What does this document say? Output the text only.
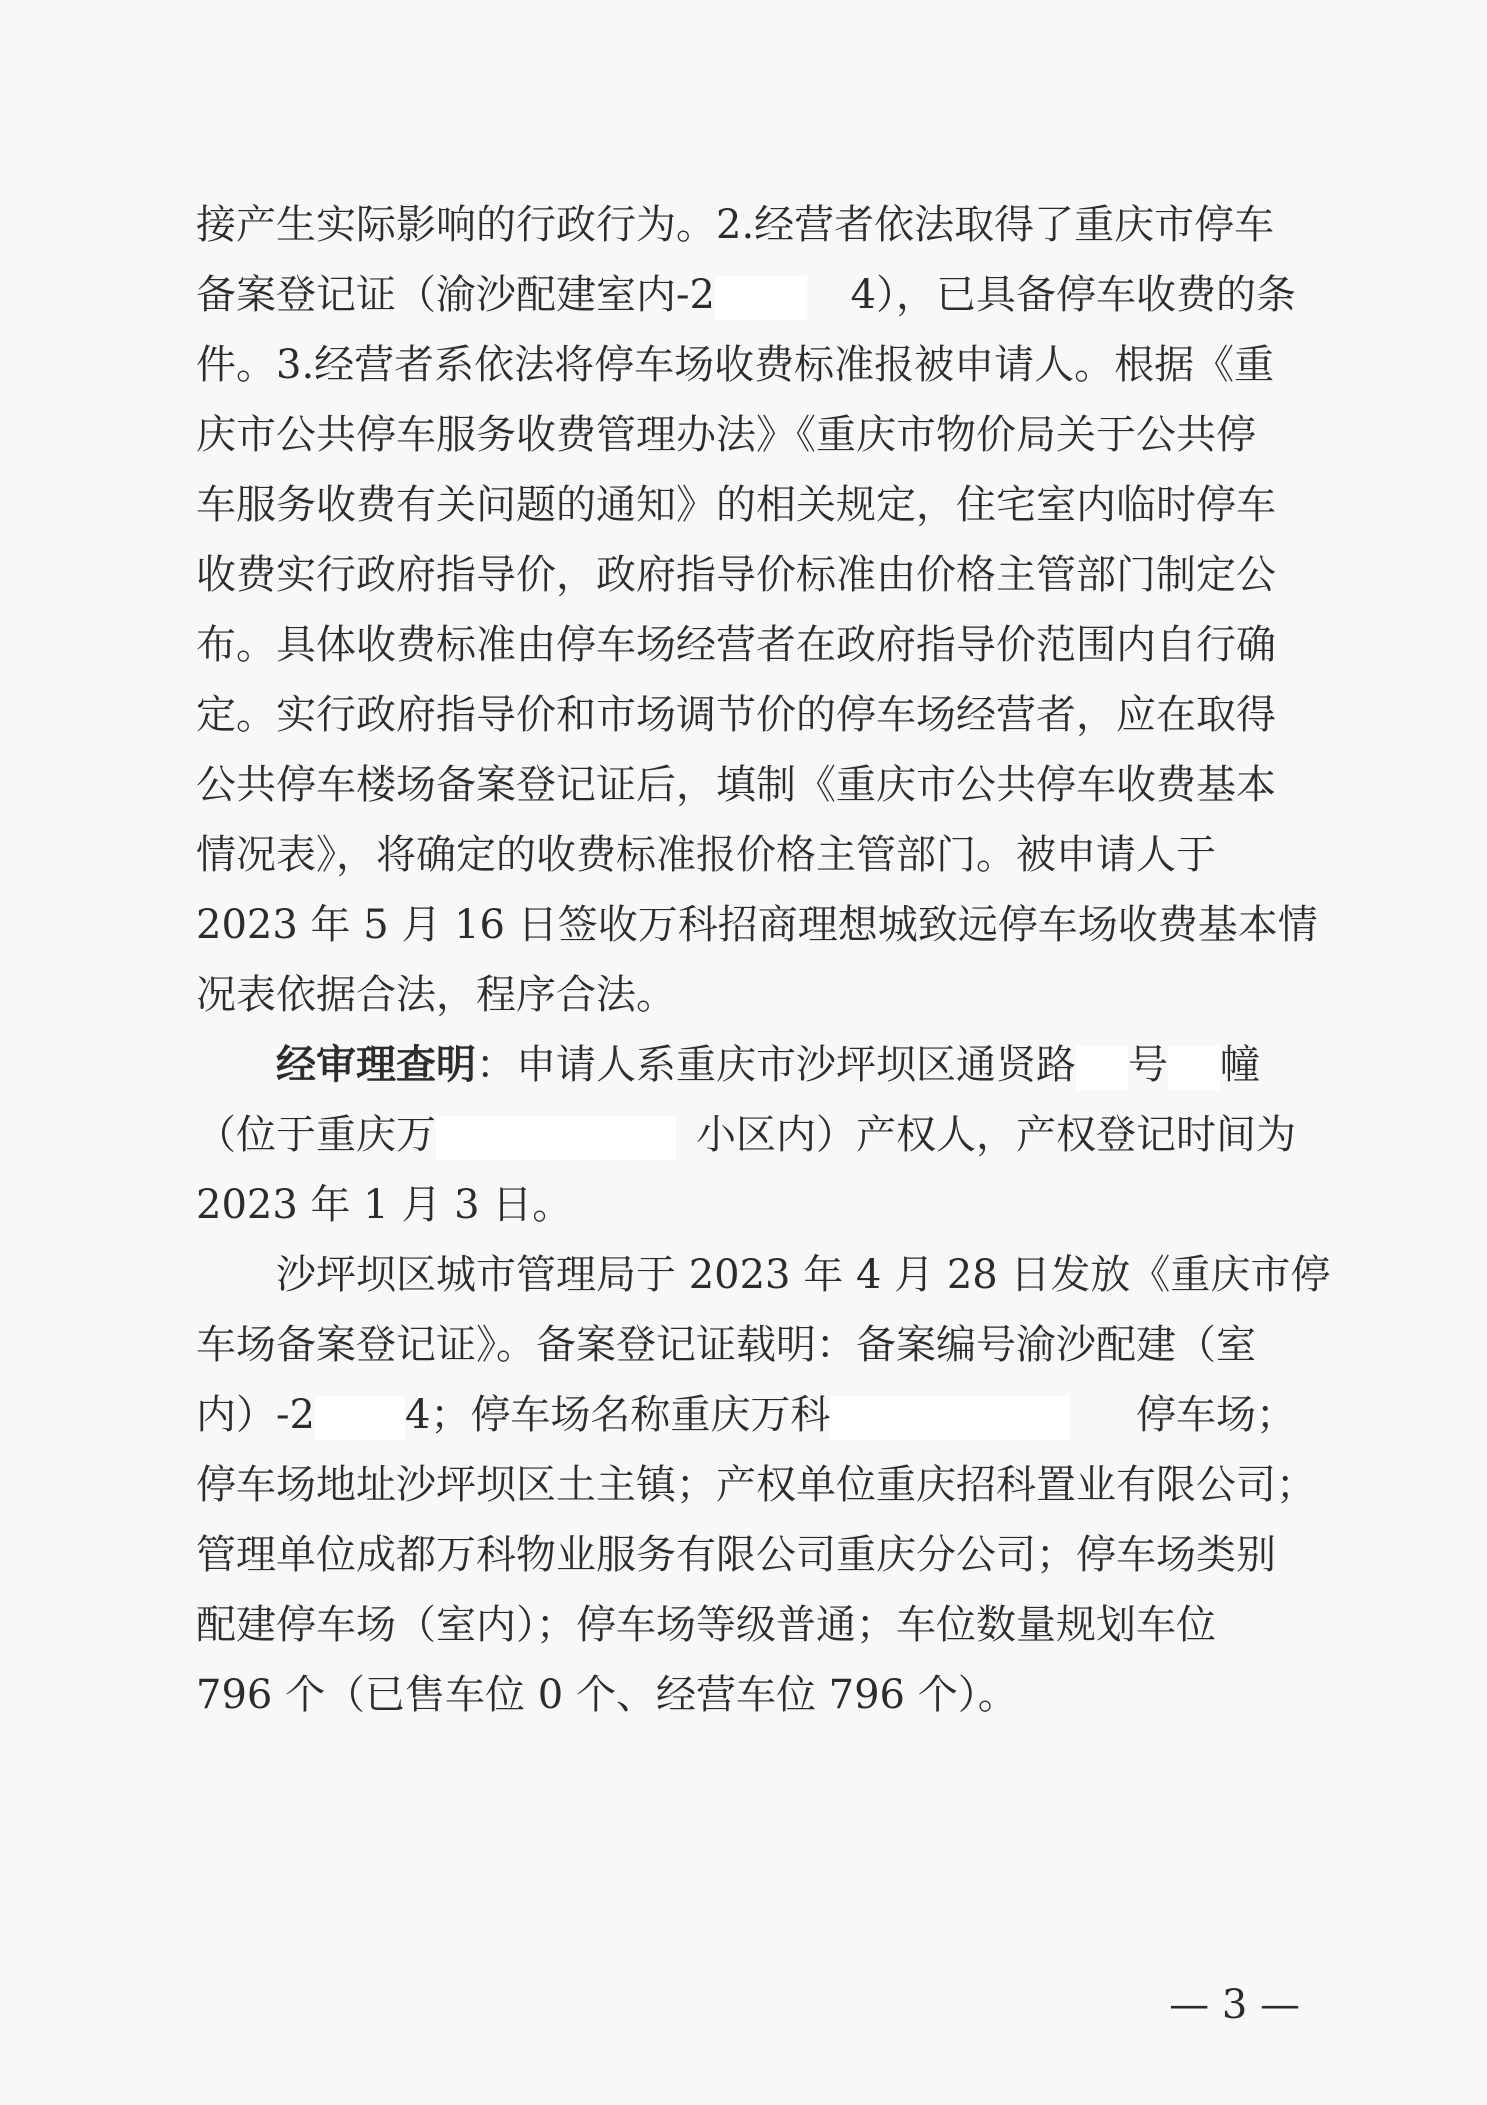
接产生实际影响的行政行为。2.经营者依法取得了重庆市停车
备案登记证（渝沙配建室内-2	4），已具备停车收费的条
件。3.经营者系依法将停车场收费标准报被申请人。根据《重
庆市公共停车服务收费管理办法》《重庆市物价局关于公共停
车服务收费有关问题的通知》的相关规定，住宅室内临时停车
收费实行政府指导价，政府指导价标准由价格主管部门制定公
布。具体收费标准由停车场经营者在政府指导价范围内自行确
定。实行政府指导价和市场调节价的停车场经营者，应在取得
公共停车楼场备案登记证后，填制《重庆市公共停车收费基本
情况表》，将确定的收费标准报价格主管部门。被申请人于
2023 年 5 月 16 日签收万科招商理想城致远停车场收费基本情
况表依据合法，程序合法。
经审理查明：申请人系重庆市沙坪坝区通贤路 号 幢
（位于重庆万	小区内）产权人，产权登记时间为
2023 年 1 月 3 日。
沙坪坝区城市管理局于 2023 年 4 月 28 日发放《重庆市停
车场备案登记证》。备案登记证载明：备案编号渝沙配建（室
内）-2 4；停车场名称重庆万科	停车场；
停车场地址沙坪坝区土主镇；产权单位重庆招科置业有限公司；
管理单位成都万科物业服务有限公司重庆分公司；停车场类别
配建停车场（室内）；停车场等级普通；车位数量规划车位
796 个（已售车位 0 个、经营车位 796 个）。
— 3 —
